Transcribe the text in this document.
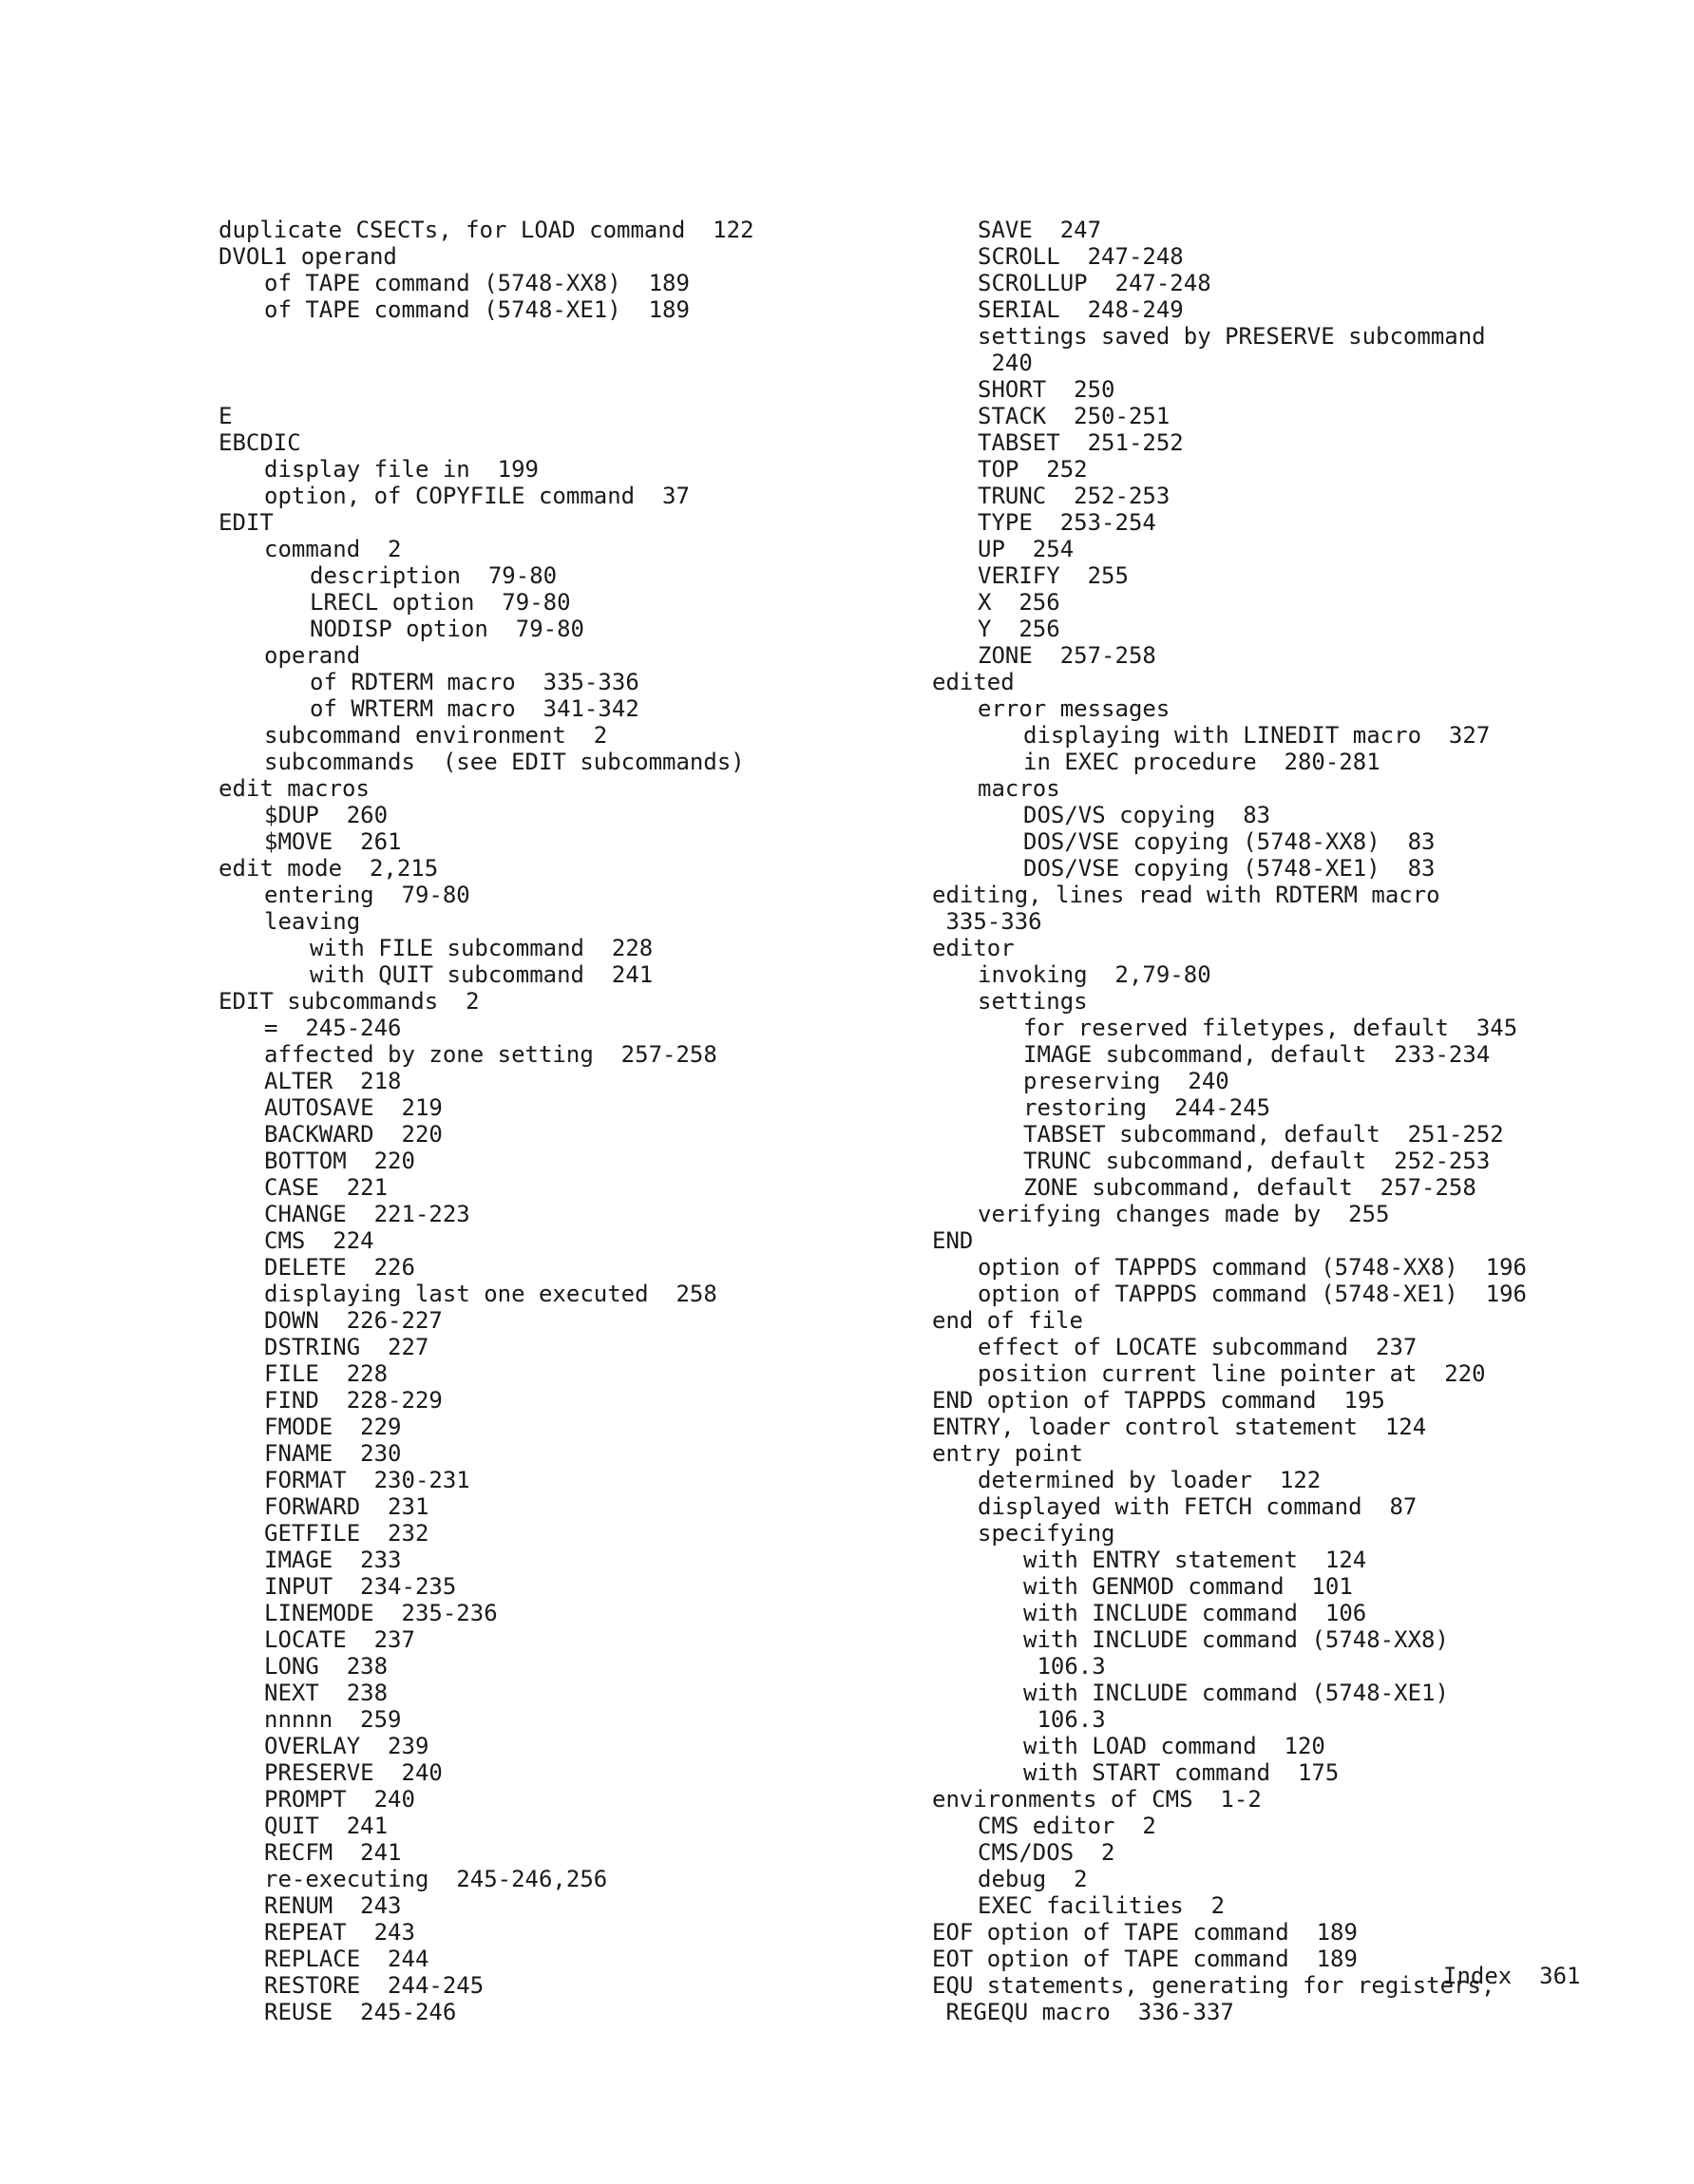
duplicate CSECTs, for LOAD command  122
DVOL1 operand
of TAPE command (5748-XX8)  189
of TAPE command (5748-XE1)  189
E
EBCDIC
display file in  199
option, of COPYFILE command  37
EDIT
command  2
description  79-80
LRECL option  79-80
NODISP option  79-80
operand
of RDTERM macro  335-336
of WRTERM macro  341-342
subcommand environment  2
subcommands  (see EDIT subcommands)
edit macros
$DUP  260
$MOVE  261
edit mode  2,215
entering  79-80
leaving
with FILE subcommand  228
with QUIT subcommand  241
EDIT subcommands  2
=  245-246
affected by zone setting  257-258
ALTER  218
AUTOSAVE  219
BACKWARD  220
BOTTOM  220
CASE  221
CHANGE  221-223
CMS  224
DELETE  226
displaying last one executed  258
DOWN  226-227
DSTRING  227
FILE  228
FIND  228-229
FMODE  229
FNAME  230
FORMAT  230-231
FORWARD  231
GETFILE  232
IMAGE  233
INPUT  234-235
LINEMODE  235-236
LOCATE  237
LONG  238
NEXT  238
nnnnn  259
OVERLAY  239
PRESERVE  240
PROMPT  240
QUIT  241
RECFM  241
re-executing  245-246,256
RENUM  243
REPEAT  243
REPLACE  244
RESTORE  244-245
REUSE  245-246
SAVE  247
SCROLL  247-248
SCROLLUP  247-248
SERIAL  248-249
settings saved by PRESERVE subcommand
240
SHORT  250
STACK  250-251
TABSET  251-252
TOP  252
TRUNC  252-253
TYPE  253-254
UP  254
VERIFY  255
X  256
Y  256
ZONE  257-258
edited
error messages
displaying with LINEDIT macro  327
in EXEC procedure  280-281
macros
DOS/VS copying  83
DOS/VSE copying (5748-XX8)  83
DOS/VSE copying (5748-XE1)  83
editing, lines read with RDTERM macro
335-336
editor
invoking  2,79-80
settings
for reserved filetypes, default  345
IMAGE subcommand, default  233-234
preserving  240
restoring  244-245
TABSET subcommand, default  251-252
TRUNC subcommand, default  252-253
ZONE subcommand, default  257-258
verifying changes made by  255
END
option of TAPPDS command (5748-XX8)  196
option of TAPPDS command (5748-XE1)  196
end of file
effect of LOCATE subcommand  237
position current line pointer at  220
END option of TAPPDS command  195
ENTRY, loader control statement  124
entry point
determined by loader  122
displayed with FETCH command  87
specifying
with ENTRY statement  124
with GENMOD command  101
with INCLUDE command  106
with INCLUDE command (5748-XX8)
106.3
with INCLUDE command (5748-XE1)
106.3
with LOAD command  120
with START command  175
environments of CMS  1-2
CMS editor  2
CMS/DOS  2
debug  2
EXEC facilities  2
EOF option of TAPE command  189
EOT option of TAPE command  189
EQU statements, generating for registers,
REGEQU macro  336-337
Index  361
